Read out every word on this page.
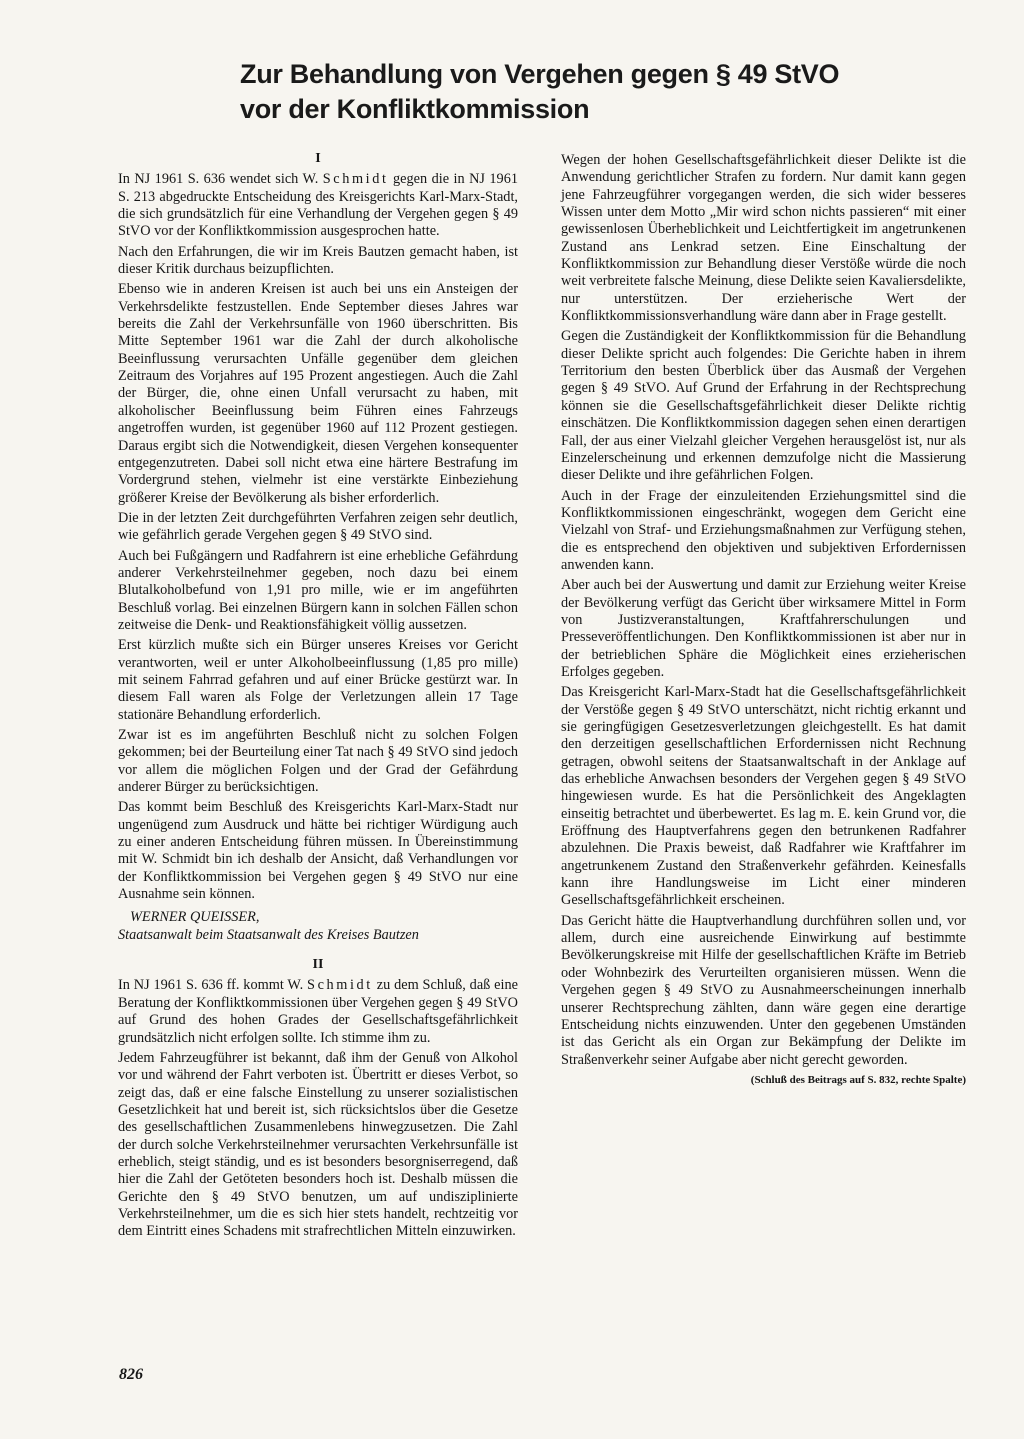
Zur Behandlung von Vergehen gegen § 49 StVO
vor der Konfliktkommission
I

In NJ 1961 S. 636 wendet sich W. Schmidt gegen die in NJ 1961 S. 213 abgedruckte Entscheidung des Kreisgerichts Karl-Marx-Stadt, die sich grundsätzlich für eine Verhandlung der Vergehen gegen § 49 StVO vor der Konfliktkommission ausgesprochen hatte.

Nach den Erfahrungen, die wir im Kreis Bautzen gemacht haben, ist dieser Kritik durchaus beizupflichten.

Ebenso wie in anderen Kreisen ist auch bei uns ein Ansteigen der Verkehrsdelikte festzustellen. Ende September dieses Jahres war bereits die Zahl der Verkehrsunfälle von 1960 überschritten. Bis Mitte September 1961 war die Zahl der durch alkoholische Beeinflussung verursachten Unfälle gegenüber dem gleichen Zeitraum des Vorjahres auf 195 Prozent angestiegen. Auch die Zahl der Bürger, die, ohne einen Unfall verursacht zu haben, mit alkoholischer Beeinflussung beim Führen eines Fahrzeugs angetroffen wurden, ist gegenüber 1960 auf 112 Prozent gestiegen. Daraus ergibt sich die Notwendigkeit, diesen Vergehen konsequenter entgegenzutreten. Dabei soll nicht etwa eine härtere Bestrafung im Vordergrund stehen, vielmehr ist eine verstärkte Einbeziehung größerer Kreise der Bevölkerung als bisher erforderlich.

Die in der letzten Zeit durchgeführten Verfahren zeigen sehr deutlich, wie gefährlich gerade Vergehen gegen § 49 StVO sind.

Auch bei Fußgängern und Radfahrern ist eine erhebliche Gefährdung anderer Verkehrsteilnehmer gegeben, noch dazu bei einem Blutalkoholbefund von 1,91 pro mille, wie er im angeführten Beschluß vorlag. Bei einzelnen Bürgern kann in solchen Fällen schon zeitweise die Denk- und Reaktionsfähigkeit völlig aussetzen.

Erst kürzlich mußte sich ein Bürger unseres Kreises vor Gericht verantworten, weil er unter Alkoholbeeinflussung (1,85 pro mille) mit seinem Fahrrad gefahren und auf einer Brücke gestürzt war. In diesem Fall waren als Folge der Verletzungen allein 17 Tage stationäre Behandlung erforderlich.

Zwar ist es im angeführten Beschluß nicht zu solchen Folgen gekommen; bei der Beurteilung einer Tat nach § 49 StVO sind jedoch vor allem die möglichen Folgen und der Grad der Gefährdung anderer Bürger zu berücksichtigen.

Das kommt beim Beschluß des Kreisgerichts Karl-Marx-Stadt nur ungenügend zum Ausdruck und hätte bei richtiger Würdigung auch zu einer anderen Entscheidung führen müssen. In Übereinstimmung mit W. Schmidt bin ich deshalb der Ansicht, daß Verhandlungen vor der Konfliktkommission bei Vergehen gegen § 49 StVO nur eine Ausnahme sein können.

WERNER QUEISSER,
Staatsanwalt beim Staatsanwalt des Kreises Bautzen
II

In NJ 1961 S. 636 ff. kommt W. Schmidt zu dem Schluß, daß eine Beratung der Konfliktkommissionen über Vergehen gegen § 49 StVO auf Grund des hohen Grades der Gesellschaftsgefährlichkeit grundsätzlich nicht erfolgen sollte. Ich stimme ihm zu.

Jedem Fahrzeugführer ist bekannt, daß ihm der Genuß von Alkohol vor und während der Fahrt verboten ist. Übertritt er dieses Verbot, so zeigt das, daß er eine falsche Einstellung zu unserer sozialistischen Gesetzlichkeit hat und bereit ist, sich rücksichtslos über die Gesetze des gesellschaftlichen Zusammenlebens hinwegzusetzen. Die Zahl der durch solche Verkehrsteilnehmer verursachten Verkehrsunfälle ist erheblich, steigt ständig, und es ist besonders besorgniserregend, daß hier die Zahl der Getöteten besonders hoch ist. Deshalb müssen die Gerichte den § 49 StVO benutzen, um auf undisziplinierte Verkehrsteilnehmer, um die es sich hier stets handelt, rechtzeitig vor dem Eintritt eines Schadens mit strafrechtlichen Mitteln einzuwirken.

Wegen der hohen Gesellschaftsgefährlichkeit dieser Delikte ist die Anwendung gerichtlicher Strafen zu fordern. Nur damit kann gegen jene Fahrzeugführer vorgegangen werden, die sich wider besseres Wissen unter dem Motto „Mir wird schon nichts passieren“ mit einer gewissenlosen Überheblichkeit und Leichtfertigkeit im angetrunkenen Zustand ans Lenkrad setzen. Eine Einschaltung der Konfliktkommission zur Behandlung dieser Verstöße würde die noch weit verbreitete falsche Meinung, diese Delikte seien Kavaliersdelikte, nur unterstützen. Der erzieherische Wert der Konfliktkommissionsverhandlung wäre dann aber in Frage gestellt.

Gegen die Zuständigkeit der Konfliktkommission für die Behandlung dieser Delikte spricht auch folgendes: Die Gerichte haben in ihrem Territorium den besten Überblick über das Ausmaß der Vergehen gegen § 49 StVO. Auf Grund der Erfahrung in der Rechtsprechung können sie die Gesellschaftsgefährlichkeit dieser Delikte richtig einschätzen. Die Konfliktkommission dagegen sehen einen derartigen Fall, der aus einer Vielzahl gleicher Vergehen herausgelöst ist, nur als Einzelerscheinung und erkennen demzufolge nicht die Massierung dieser Delikte und ihre gefährlichen Folgen.

Auch in der Frage der einzuleitenden Erziehungsmittel sind die Konfliktkommissionen eingeschränkt, wogegen dem Gericht eine Vielzahl von Straf- und Erziehungsmaßnahmen zur Verfügung stehen, die es entsprechend den objektiven und subjektiven Erfordernissen anwenden kann.

Aber auch bei der Auswertung und damit zur Erziehung weiter Kreise der Bevölkerung verfügt das Gericht über wirksamere Mittel in Form von Justizveranstaltungen, Kraftfahrerschulungen und Presseveröffentlichungen. Den Konfliktkommissionen ist aber nur in der betrieblichen Sphäre die Möglichkeit eines erzieherischen Erfolges gegeben.

Das Kreisgericht Karl-Marx-Stadt hat die Gesellschaftsgefährlichkeit der Verstöße gegen § 49 StVO unterschätzt, nicht richtig erkannt und sie geringfügigen Gesetzesverletzungen gleichgestellt. Es hat damit den derzeitigen gesellschaftlichen Erfordernissen nicht Rechnung getragen, obwohl seitens der Staatsanwaltschaft in der Anklage auf das erhebliche Anwachsen besonders der Vergehen gegen § 49 StVO hingewiesen wurde. Es hat die Persönlichkeit des Angeklagten einseitig betrachtet und überbewertet. Es lag m. E. kein Grund vor, die Eröffnung des Hauptverfahrens gegen den betrunkenen Radfahrer abzulehnen. Die Praxis beweist, daß Radfahrer wie Kraftfahrer im angetrunkenem Zustand den Straßenverkehr gefährden. Keinesfalls kann ihre Handlungsweise im Licht einer minderen Gesellschaftsgefährlichkeit erscheinen.

Das Gericht hätte die Hauptverhandlung durchführen sollen und, vor allem, durch eine ausreichende Einwirkung auf bestimmte Bevölkerungskreise mit Hilfe der gesellschaftlichen Kräfte im Betrieb oder Wohnbezirk des Verurteilten organisieren müssen. Wenn die Vergehen gegen § 49 StVO zu Ausnahmeerscheinungen innerhalb unserer Rechtsprechung zählten, dann wäre gegen eine derartige Entscheidung nichts einzuwenden. Unter den gegebenen Umständen ist das Gericht als ein Organ zur Bekämpfung der Delikte im Straßenverkehr seiner Aufgabe aber nicht gerecht geworden.

(Schluß des Beitrags auf S. 832, rechte Spalte)
826
